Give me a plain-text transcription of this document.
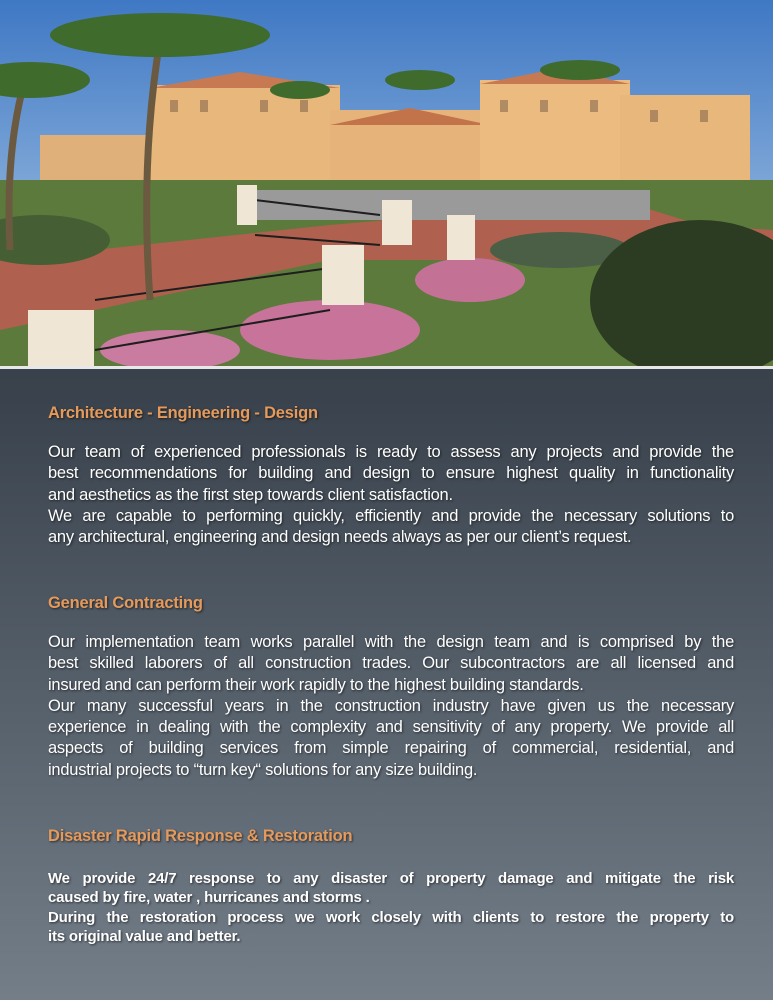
Architecture - Engineering - Design
Our team of experienced professionals is ready to assess any projects and provide the
best recommendations for building and design to ensure highest quality in functionality
and aesthetics as the first step towards client satisfaction.
We are capable to performing quickly, efficiently and provide the necessary solutions to
any architectural, engineering and design needs always as per our client’s request.
General Contracting
Our implementation team works parallel with the design team and is comprised by the
best skilled laborers of all construction trades. Our subcontractors are all licensed and
insured and can perform their work rapidly to the highest building standards.
Our many successful years in the construction industry have given us the necessary
experience in dealing with the complexity and sensitivity of any property. We provide all
aspects of building services from simple repairing of commercial, residential, and
industrial projects to “turn key“ solutions for any size building.
Disaster Rapid Response & Restoration
We provide 24/7 response to any disaster of property damage and mitigate the risk
caused by fire, water , hurricanes and storms .
During the restoration process we work closely with clients to restore the property to
its original value and better.
